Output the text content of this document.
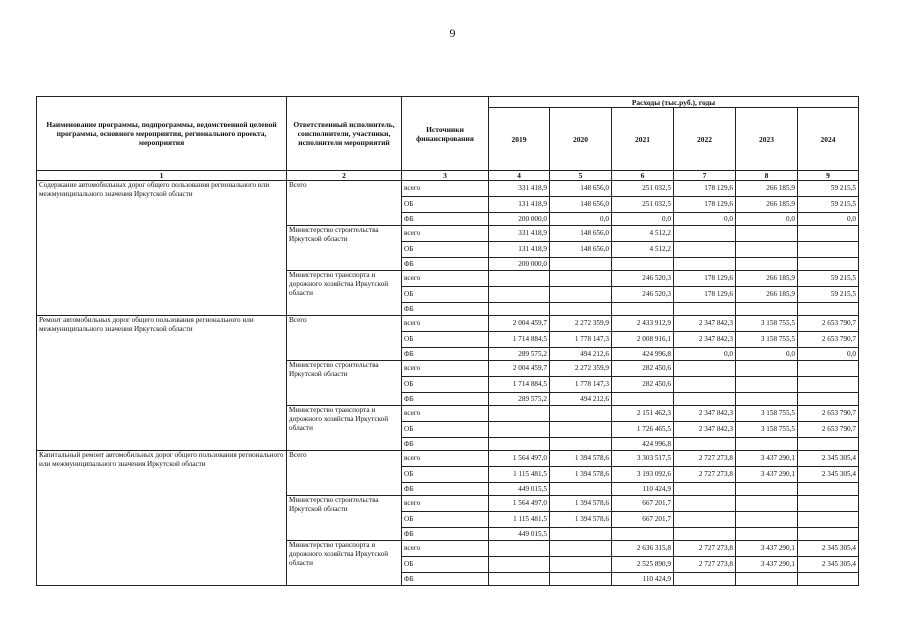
9
Наименование программы, подпрограммы, ведомственной целевой программы, основного мероприятия, регионального проекта, мероприятия	Ответственный исполнитель, соисполнители, участники, исполнители мероприятий	Источники финансирования	Расходы (тыс.руб.), годы					
			2019	2020	2021	2022	2023	2024
1	2	3	4	5	6	7	8	9
Содержание автомобильных дорог общего пользования регионального или межмуниципального значения Иркутской области	Всего	всего	331 418,9	148 656,0	251 032,5	178 129,6	266 185,9	59 215,5
		ОБ	131 418,9	148 656,0	251 032,5	178 129,6	266 185,9	59 215,5
		ФБ	200 000,0	0,0	0,0	0,0	0,0	0,0
	Министерство строительства Иркутской области	всего	331 418,9	148 656,0	4 512,2			
		ОБ	131 418,9	148 656,0	4 512,2			
		ФБ	200 000,0					
	Министерство транспорта и дорожного хозяйства Иркутской области	всего			246 520,3	178 129,6	266 185,9	59 215,5
		ОБ			246 520,3	178 129,6	266 185,9	59 215,5
		ФБ						
Ремонт автомобильных дорог общего пользования регионального или межмуниципального значения Иркутской области	Всего	всего	2 004 459,7	2 272 359,9	2 433 912,9	2 347 842,3	3 158 755,5	2 653 790,7
		ОБ	1 714 884,5	1 778 147,3	2 008 916,1	2 347 842,3	3 158 755,5	2 653 790,7
		ФБ	289 575,2	494 212,6	424 996,8	0,0	0,0	0,0
	Министерство строительства Иркутской области	всего	2 004 459,7	2 272 359,9	282 450,6			
		ОБ	1 714 884,5	1 778 147,3	282 450,6			
		ФБ	289 575,2	494 212,6				
	Министерство транспорта и дорожного хозяйства Иркутской области	всего			2 151 462,3	2 347 842,3	3 158 755,5	2 653 790,7
		ОБ			1 726 465,5	2 347 842,3	3 158 755,5	2 653 790,7
		ФБ			424 996,8			
Капитальный ремонт автомобильных дорог общего пользования регионального или межмуниципального значения Иркутской области	Всего	всего	1 564 497,0	1 394 578,6	3 303 517,5	2 727 273,8	3 437 290,1	2 345 305,4
		ОБ	1 115 481,5	1 394 578,6	3 193 092,6	2 727 273,8	3 437 290,1	2 345 305,4
		ФБ	449 015,5		110 424,9			
	Министерство строительства Иркутской области	всего	1 564 497,0	1 394 578,6	667 201,7			
		ОБ	1 115 481,5	1 394 578,6	667 201,7			
		ФБ	449 015,5					
	Министерство транспорта и дорожного хозяйства Иркутской области	всего			2 636 315,8	2 727 273,8	3 437 290,1	2 345 305,4
		ОБ			2 525 890,9	2 727 273,8	3 437 290,1	2 345 305,4
		ФБ			110 424,9			
